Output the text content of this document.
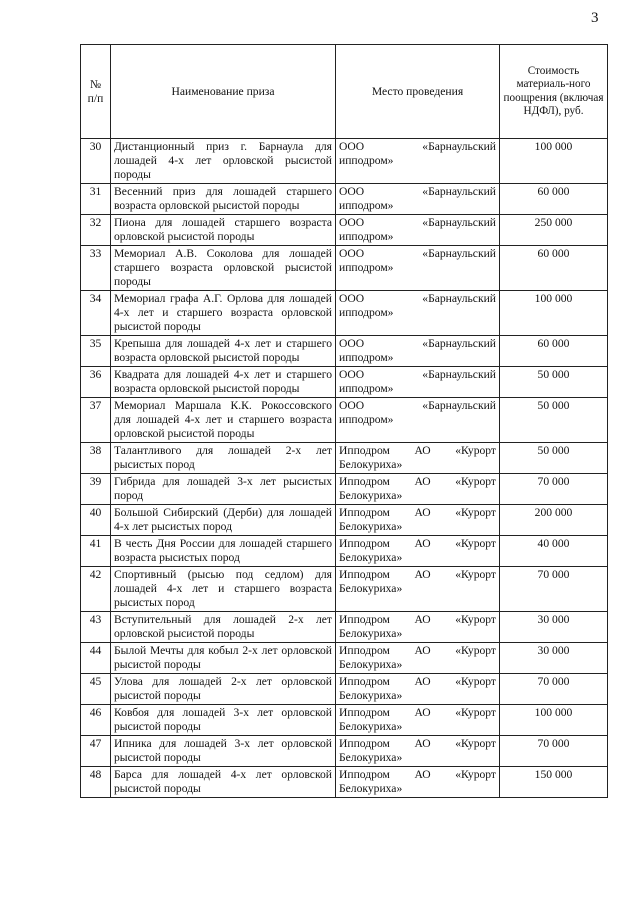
3
№ п/п	Наименование приза	Место проведения	Стоимость материаль-ного поощрения (включая НДФЛ), руб.
30	Дистанционный приз г. Барнаула для лошадей 4-х лет орловской рысистой породы	ООО «Барнаульский ипподром»	100 000
31	Весенний приз для лошадей старшего возраста орловской рысистой породы	ООО «Барнаульский ипподром»	60 000
32	Пиона для лошадей старшего возраста орловской рысистой породы	ООО «Барнаульский ипподром»	250 000
33	Мемориал А.В. Соколова для лошадей старшего возраста орловской рысистой породы	ООО «Барнаульский ипподром»	60 000
34	Мемориал графа А.Г. Орлова для лошадей 4-х лет и старшего возраста орловской рысистой породы	ООО «Барнаульский ипподром»	100 000
35	Крепыша для лошадей 4-х лет и старшего возраста орловской рысистой породы	ООО «Барнаульский ипподром»	60 000
36	Квадрата для лошадей 4-х лет и старшего возраста орловской рысистой породы	ООО «Барнаульский ипподром»	50 000
37	Мемориал Маршала К.К. Рокоссовского для лошадей 4-х лет и старшего возраста орловской рысистой породы	ООО «Барнаульский ипподром»	50 000
38	Талантливого для лошадей 2-х лет рысистых пород	Ипподром АО «Курорт Белокуриха»	50 000
39	Гибрида для лошадей 3-х лет рысистых пород	Ипподром АО «Курорт Белокуриха»	70 000
40	Большой Сибирский (Дерби) для лошадей 4-х лет рысистых пород	Ипподром АО «Курорт Белокуриха»	200 000
41	В честь Дня России для лошадей старшего возраста рысистых пород	Ипподром АО «Курорт Белокуриха»	40 000
42	Спортивный (рысью под седлом) для лошадей 4-х лет и старшего возраста рысистых пород	Ипподром АО «Курорт Белокуриха»	70 000
43	Вступительный для лошадей 2-х лет орловской рысистой породы	Ипподром АО «Курорт Белокуриха»	30 000
44	Былой Мечты для кобыл 2-х лет орловской рысистой породы	Ипподром АО «Курорт Белокуриха»	30 000
45	Улова для лошадей 2-х лет орловской рысистой породы	Ипподром АО «Курорт Белокуриха»	70 000
46	Ковбоя для лошадей 3-х лет орловской рысистой породы	Ипподром АО «Курорт Белокуриха»	100 000
47	Ипника для лошадей 3-х лет орловской рысистой породы	Ипподром АО «Курорт Белокуриха»	70 000
48	Барса для лошадей 4-х лет орловской рысистой породы	Ипподром АО «Курорт Белокуриха»	150 000
